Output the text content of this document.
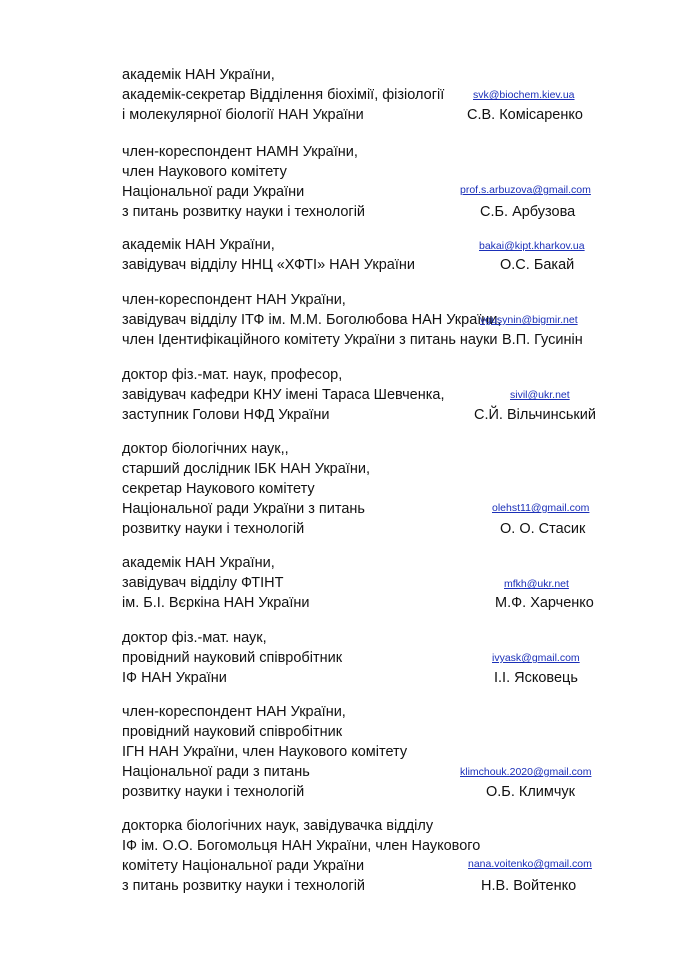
академік НАН України,
академік-секретар Відділення біохімії, фізіології
і молекулярної біології НАН України
svk@biochem.kiev.ua
С.В. Комісаренко
член-кореспондент НАМН України,
член Наукового комітету
Національної ради України
з питань розвитку науки і технологій
prof.s.arbuzova@gmail.com
С.Б. Арбузова
академік НАН України,
завідувач відділу ННЦ «ХФТІ» НАН України
bakai@kipt.kharkov.ua
О.С. Бакай
член-кореспондент НАН України,
завідувач відділу ІТФ ім. М.М. Боголюбова НАН України,
член Ідентифікаційного комітету України з питань науки
vgusynin@bigmir.net
В.П. Гусинін
доктор фіз.-мат. наук, професор,
завідувач кафедри КНУ імені Тараса Шевченка,
заступник Голови НФД України
sivil@ukr.net
С.Й. Вільчинський
доктор біологічних наук,,
старший дослідник ІБК НАН України,
секретар Наукового комітету
Національної ради України з питань
розвитку науки і технологій
olehst11@gmail.com
О. О. Стасик
академік НАН України,
завідувач відділу ФТІНТ
ім. Б.І. Вєркіна НАН України
mfkh@ukr.net
М.Ф. Харченко
доктор фіз.-мат. наук,
провідний науковий співробітник
ІФ НАН України
ivyask@gmail.com
І.І. Ясковець
член-кореспондент НАН України,
провідний науковий співробітник
ІГН НАН України, член Наукового комітету
Національної ради з питань
розвитку науки і технологій
klimchouk.2020@gmail.com
О.Б. Климчук
докторка біологічних наук, завідувачка відділу
ІФ ім. О.О. Богомольця НАН України, член Наукового
комітету Національної ради України
з питань розвитку науки і технологій
nana.voitenko@gmail.com
Н.В. Войтенко
